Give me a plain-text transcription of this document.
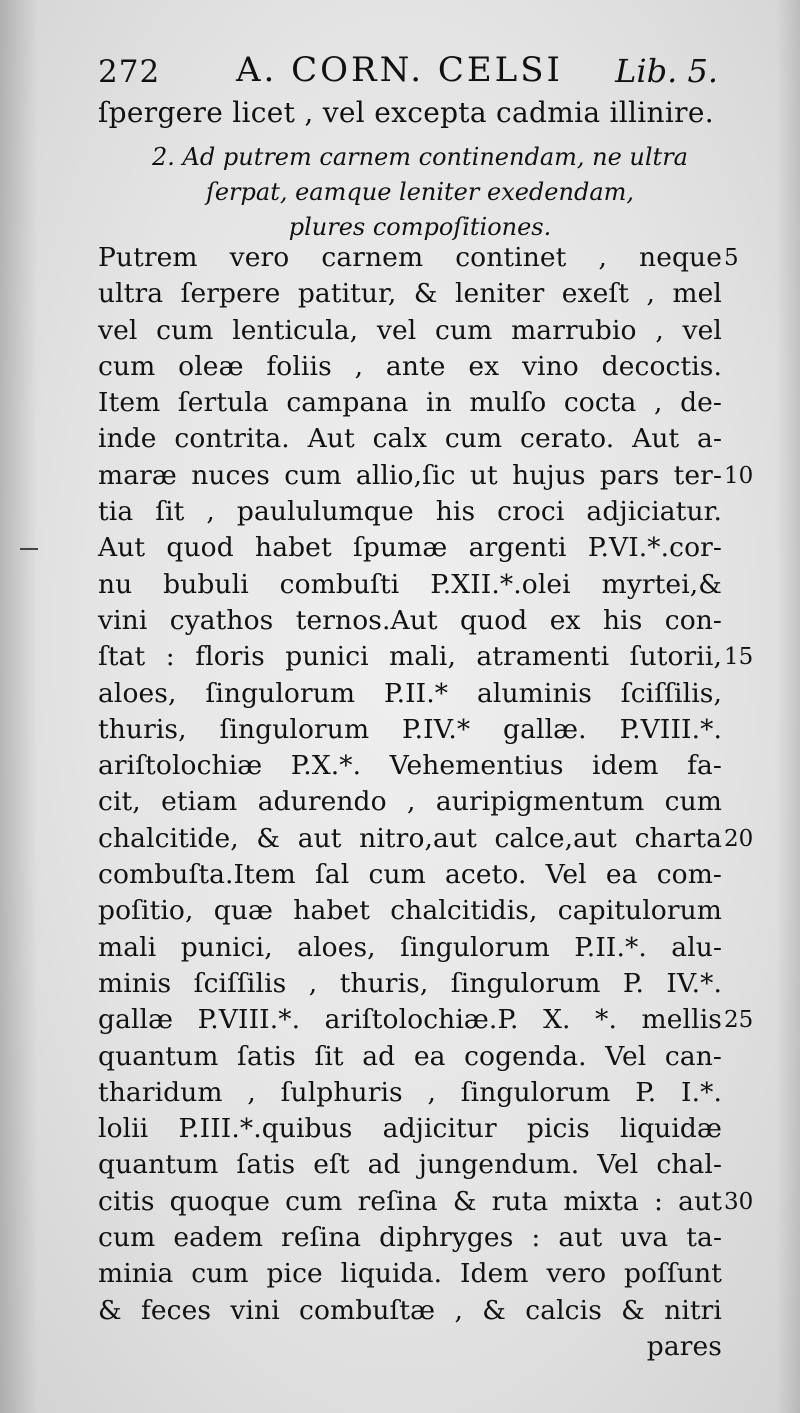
272 A. CORN. CELSI Lib. 5.
ſpergere licet , vel excepta cadmia illinire.
2. Ad putrem carnem continendam, ne ultra
ſerpat, eamque leniter exedendam,
plures compoſitiones.
Putrem vero carnem continet , neque
ultra ſerpere patitur, & leniter exeſt , mel
vel cum lenticula, vel cum marrubio , vel
cum oleæ foliis , ante ex vino decoctis.
Item ſertula campana in mulſo cocta , de-
inde contrita. Aut calx cum cerato. Aut a-
maræ nuces cum allio,ſic ut hujus pars ter-
tia ſit , paululumque his croci adjiciatur.
Aut quod habet ſpumæ argenti P.VI.*.cor-
nu bubuli combuſti P.XII.*.olei myrtei,&
vini cyathos ternos.Aut quod ex his con-
ſtat : floris punici mali, atramenti ſutorii,
aloes, ſingulorum P.II.* aluminis ſciſſilis,
thuris, ſingulorum P.IV.* gallæ. P.VIII.*.
ariſtolochiæ P.X.*. Vehementius idem fa-
cit, etiam adurendo , auripigmentum cum
chalcitide, & aut nitro,aut calce,aut charta
combuſta.Item ſal cum aceto. Vel ea com-
poſitio, quæ habet chalcitidis, capitulorum
mali punici, aloes, ſingulorum P.II.*. alu-
minis ſciſſilis , thuris, ſingulorum P. IV.*.
gallæ P.VIII.*. ariſtolochiæ.P. X. *. mellis
quantum ſatis ſit ad ea cogenda. Vel can-
tharidum , ſulphuris , ſingulorum P. I.*.
lolii P.III.*.quibus adjicitur picis liquidæ
quantum ſatis eſt ad jungendum. Vel chal-
citis quoque cum reſina & ruta mixta : aut
cum eadem reſina diphryges : aut uva ta-
minia cum pice liquida. Idem vero poſſunt
& feces vini combuſtæ , & calcis & nitri
pares
10
15
20
25
30
5
